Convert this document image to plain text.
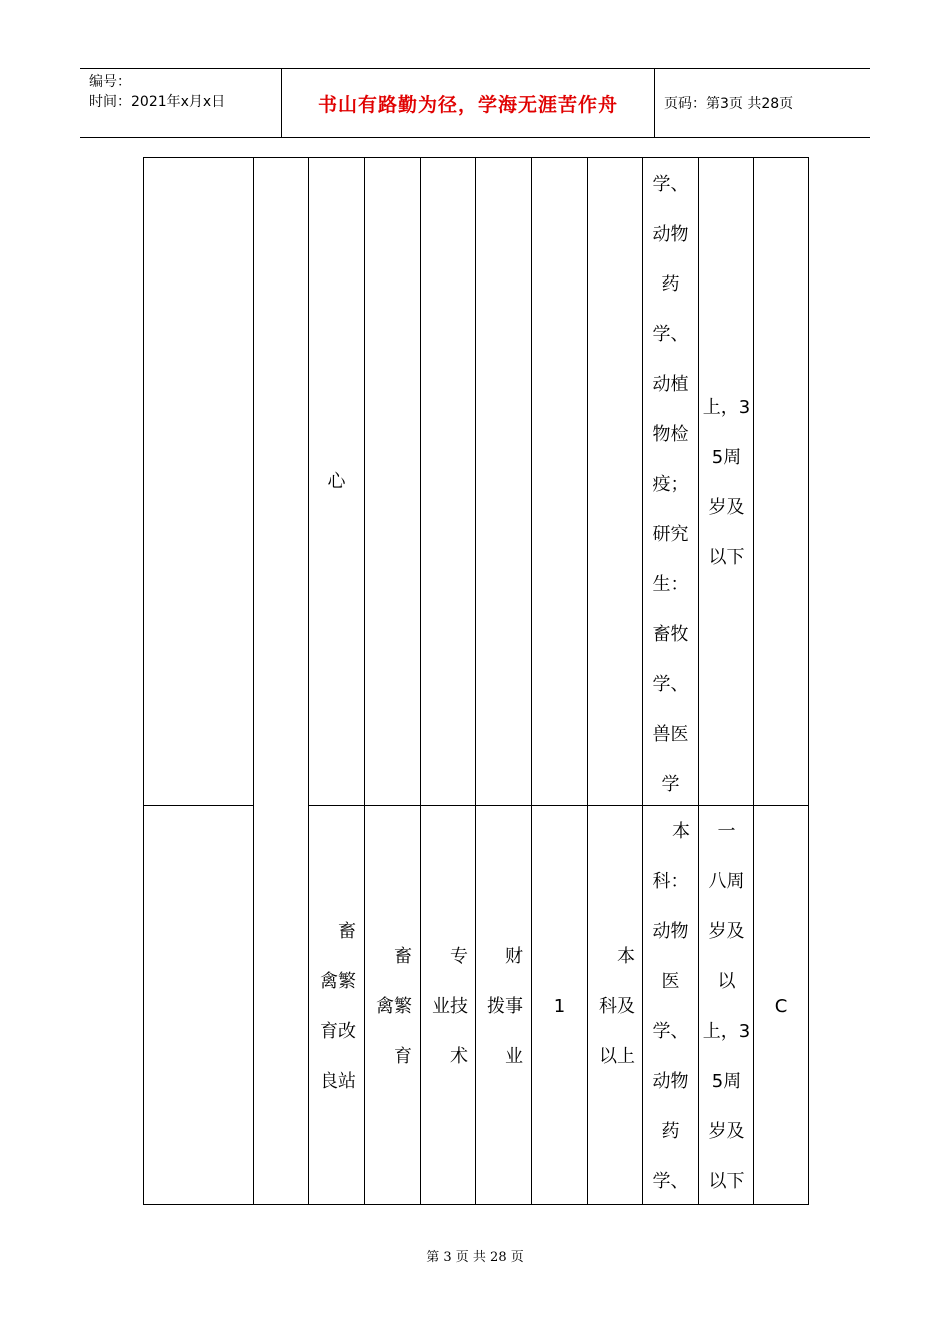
编号：
时间：2021年x月x日	书山有路勤为径，学海无涯苦作舟	页码：第3页 共28页
心
学、
动物
药
学、
动植
物检
疫；
研究
生：
畜牧
学、
兽医
学
上，3
5周
岁及
以下
畜
禽繁
育改
良站
畜
禽繁
育
专
业技
术
财
拨事
业
1
本
科及
以上
本
科：
动物
医
学、
动物
药
学、
一
八周
岁及
以
上，3
5周
岁及
以下
C
第 3 页 共 28 页
